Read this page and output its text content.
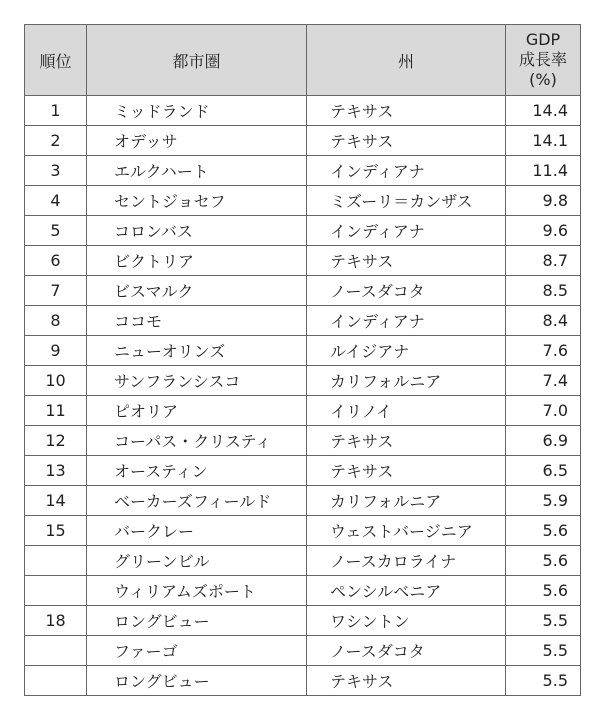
順位	都市圏	州	GDP
成長率
(%)

1	ミッドランド	テキサス	14.4
2	オデッサ	テキサス	14.1
3	エルクハート	インディアナ	11.4
4	セントジョセフ	ミズーリ＝カンザス	9.8
5	コロンバス	インディアナ	9.6
6	ビクトリア	テキサス	8.7
7	ビスマルク	ノースダコタ	8.5
8	ココモ	インディアナ	8.4
9	ニューオリンズ	ルイジアナ	7.6
10	サンフランシスコ	カリフォルニア	7.4
11	ピオリア	イリノイ	7.0
12	コーパス・クリスティ	テキサス	6.9
13	オースティン	テキサス	6.5
14	ベーカーズフィールド	カリフォルニア	5.9
15	バークレー	ウェストバージニア	5.6
	グリーンビル	ノースカロライナ	5.6
	ウィリアムズポート	ペンシルベニア	5.6
18	ロングビュー	ワシントン	5.5
	ファーゴ	ノースダコタ	5.5
	ロングビュー	テキサス	5.5
